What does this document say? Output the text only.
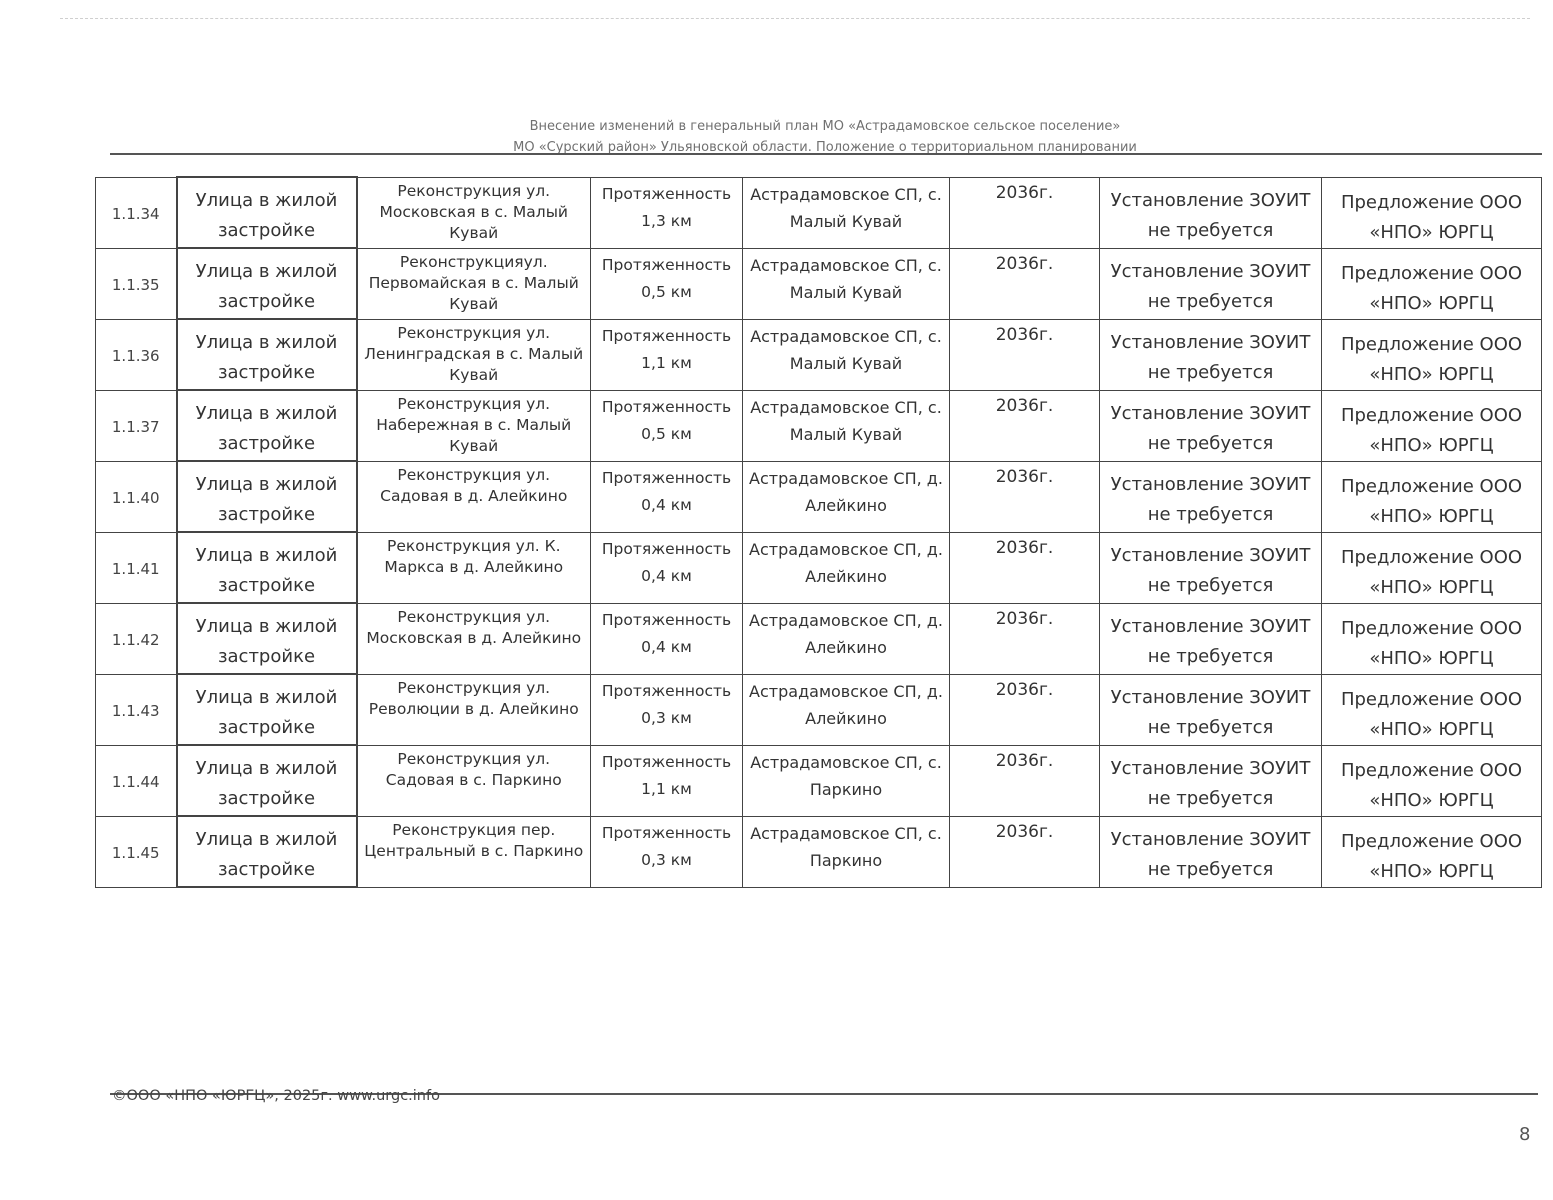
Внесение изменений в генеральный план МО «Астрадамовское сельское поселение»
МО «Сурский район» Ульяновской области. Положение о территориальном планировании
1.1.34	Улица в жилой застройке	Реконструкция ул. Московская в с. Малый Кувай	Протяженность 1,3 км	Астрадамовское СП, с. Малый Кувай	2036г.	Установление ЗОУИТ не требуется	Предложение ООО «НПО» ЮРГЦ
1.1.35	Улица в жилой застройке	Реконструкцияул. Первомайская в с. Малый Кувай	Протяженность 0,5 км	Астрадамовское СП, с. Малый Кувай	2036г.	Установление ЗОУИТ не требуется	Предложение ООО «НПО» ЮРГЦ
1.1.36	Улица в жилой застройке	Реконструкция ул. Ленинградская в с. Малый Кувай	Протяженность 1,1 км	Астрадамовское СП, с. Малый Кувай	2036г.	Установление ЗОУИТ не требуется	Предложение ООО «НПО» ЮРГЦ
1.1.37	Улица в жилой застройке	Реконструкция ул. Набережная в с. Малый Кувай	Протяженность 0,5 км	Астрадамовское СП, с. Малый Кувай	2036г.	Установление ЗОУИТ не требуется	Предложение ООО «НПО» ЮРГЦ
1.1.40	Улица в жилой застройке	Реконструкция ул. Садовая в д. Алейкино	Протяженность 0,4 км	Астрадамовское СП, д. Алейкино	2036г.	Установление ЗОУИТ не требуется	Предложение ООО «НПО» ЮРГЦ
1.1.41	Улица в жилой застройке	Реконструкция ул. К. Маркса в д. Алейкино	Протяженность 0,4 км	Астрадамовское СП, д. Алейкино	2036г.	Установление ЗОУИТ не требуется	Предложение ООО «НПО» ЮРГЦ
1.1.42	Улица в жилой застройке	Реконструкция ул. Московская в д. Алейкино	Протяженность 0,4 км	Астрадамовское СП, д. Алейкино	2036г.	Установление ЗОУИТ не требуется	Предложение ООО «НПО» ЮРГЦ
1.1.43	Улица в жилой застройке	Реконструкция ул. Революции в д. Алейкино	Протяженность 0,3 км	Астрадамовское СП, д. Алейкино	2036г.	Установление ЗОУИТ не требуется	Предложение ООО «НПО» ЮРГЦ
1.1.44	Улица в жилой застройке	Реконструкция ул. Садовая в с. Паркино	Протяженность 1,1 км	Астрадамовское СП, с. Паркино	2036г.	Установление ЗОУИТ не требуется	Предложение ООО «НПО» ЮРГЦ
1.1.45	Улица в жилой застройке	Реконструкция пер. Центральный в с. Паркино	Протяженность 0,3 км	Астрадамовское СП, с. Паркино	2036г.	Установление ЗОУИТ не требуется	Предложение ООО «НПО» ЮРГЦ
©ООО «НПО «ЮРГЦ», 2025г. www.urgc.info
8
